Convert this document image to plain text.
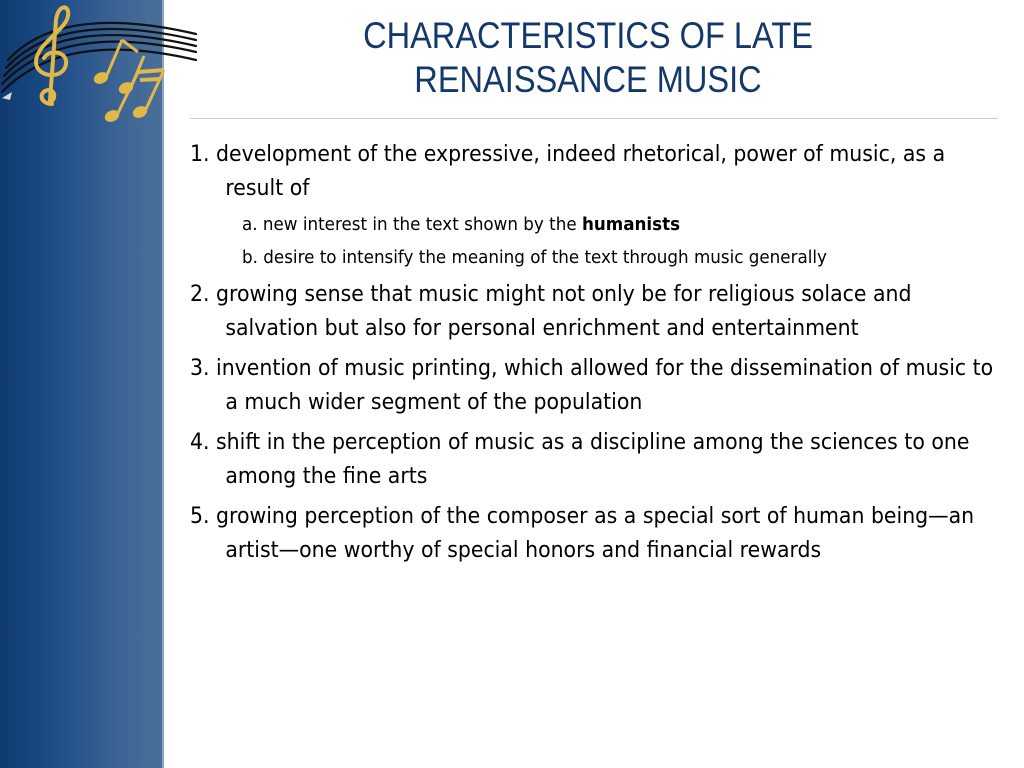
CHARACTERISTICS OF LATE
RENAISSANCE MUSIC
1. development of the expressive, indeed rhetorical, power of music, as a result of
a. new interest in the text shown by the humanists
b. desire to intensify the meaning of the text through music generally
2. growing sense that music might not only be for religious solace and salvation but also for personal enrichment and entertainment
3. invention of music printing, which allowed for the dissemination of music to a much wider segment of the population
4. shift in the perception of music as a discipline among the sciences to one among the fine arts
5. growing perception of the composer as a special sort of human being—an artist—one worthy of special honors and financial rewards
